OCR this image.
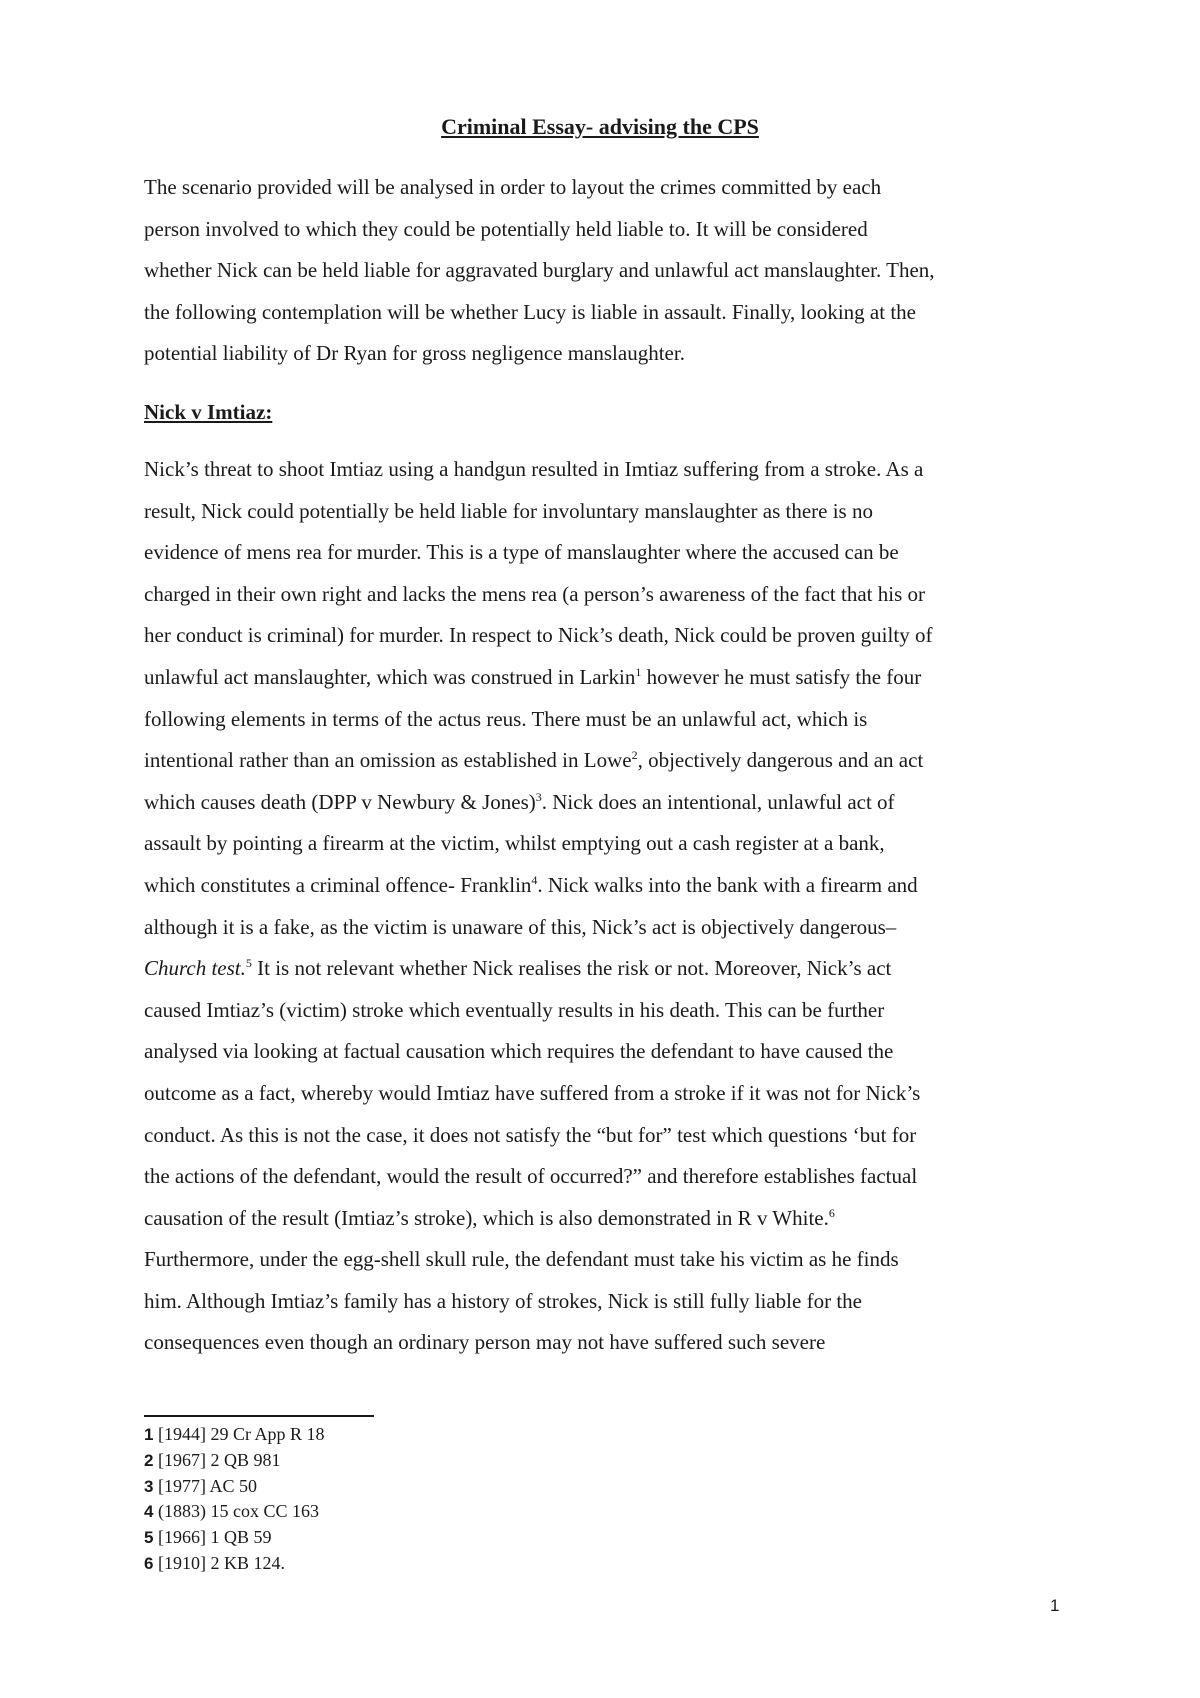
Criminal Essay- advising the CPS

The scenario provided will be analysed in order to layout the crimes committed by each
person involved to which they could be potentially held liable to. It will be considered
whether Nick can be held liable for aggravated burglary and unlawful act manslaughter. Then,
the following contemplation will be whether Lucy is liable in assault. Finally, looking at the
potential liability of Dr Ryan for gross negligence manslaughter.

Nick v Imtiaz:

Nick’s threat to shoot Imtiaz using a handgun resulted in Imtiaz suffering from a stroke. As a
result, Nick could potentially be held liable for involuntary manslaughter as there is no
evidence of mens rea for murder. This is a type of manslaughter where the accused can be
charged in their own right and lacks the mens rea (a person’s awareness of the fact that his or
her conduct is criminal) for murder. In respect to Nick’s death, Nick could be proven guilty of
unlawful act manslaughter, which was construed in Larkin$^1$ however he must satisfy the four
following elements in terms of the actus reus. There must be an unlawful act, which is
intentional rather than an omission as established in Lowe$^2$, objectively dangerous and an act
which causes death (DPP v Newbury & Jones)$^3$. Nick does an intentional, unlawful act of
assault by pointing a firearm at the victim, whilst emptying out a cash register at a bank,
which constitutes a criminal offence- Franklin$^4$. Nick walks into the bank with a firearm and
although it is a fake, as the victim is unaware of this, Nick’s act is objectively dangerous–
Church test.$^5$ It is not relevant whether Nick realises the risk or not. Moreover, Nick’s act
caused Imtiaz’s (victim) stroke which eventually results in his death. This can be further
analysed via looking at factual causation which requires the defendant to have caused the
outcome as a fact, whereby would Imtiaz have suffered from a stroke if it was not for Nick’s
conduct. As this is not the case, it does not satisfy the “but for” test which questions ‘but for
the actions of the defendant, would the result of occurred?” and therefore establishes factual
causation of the result (Imtiaz’s stroke), which is also demonstrated in R v White.$^6$
Furthermore, under the egg-shell skull rule, the defendant must take his victim as he finds
him. Although Imtiaz’s family has a history of strokes, Nick is still fully liable for the
consequences even though an ordinary person may not have suffered such severe

1 [1944] 29 Cr App R 18
2 [1967] 2 QB 981
3 [1977] AC 50
4 (1883) 15 cox CC 163
5 [1966] 1 QB 59
6 [1910] 2 KB 124.
1
